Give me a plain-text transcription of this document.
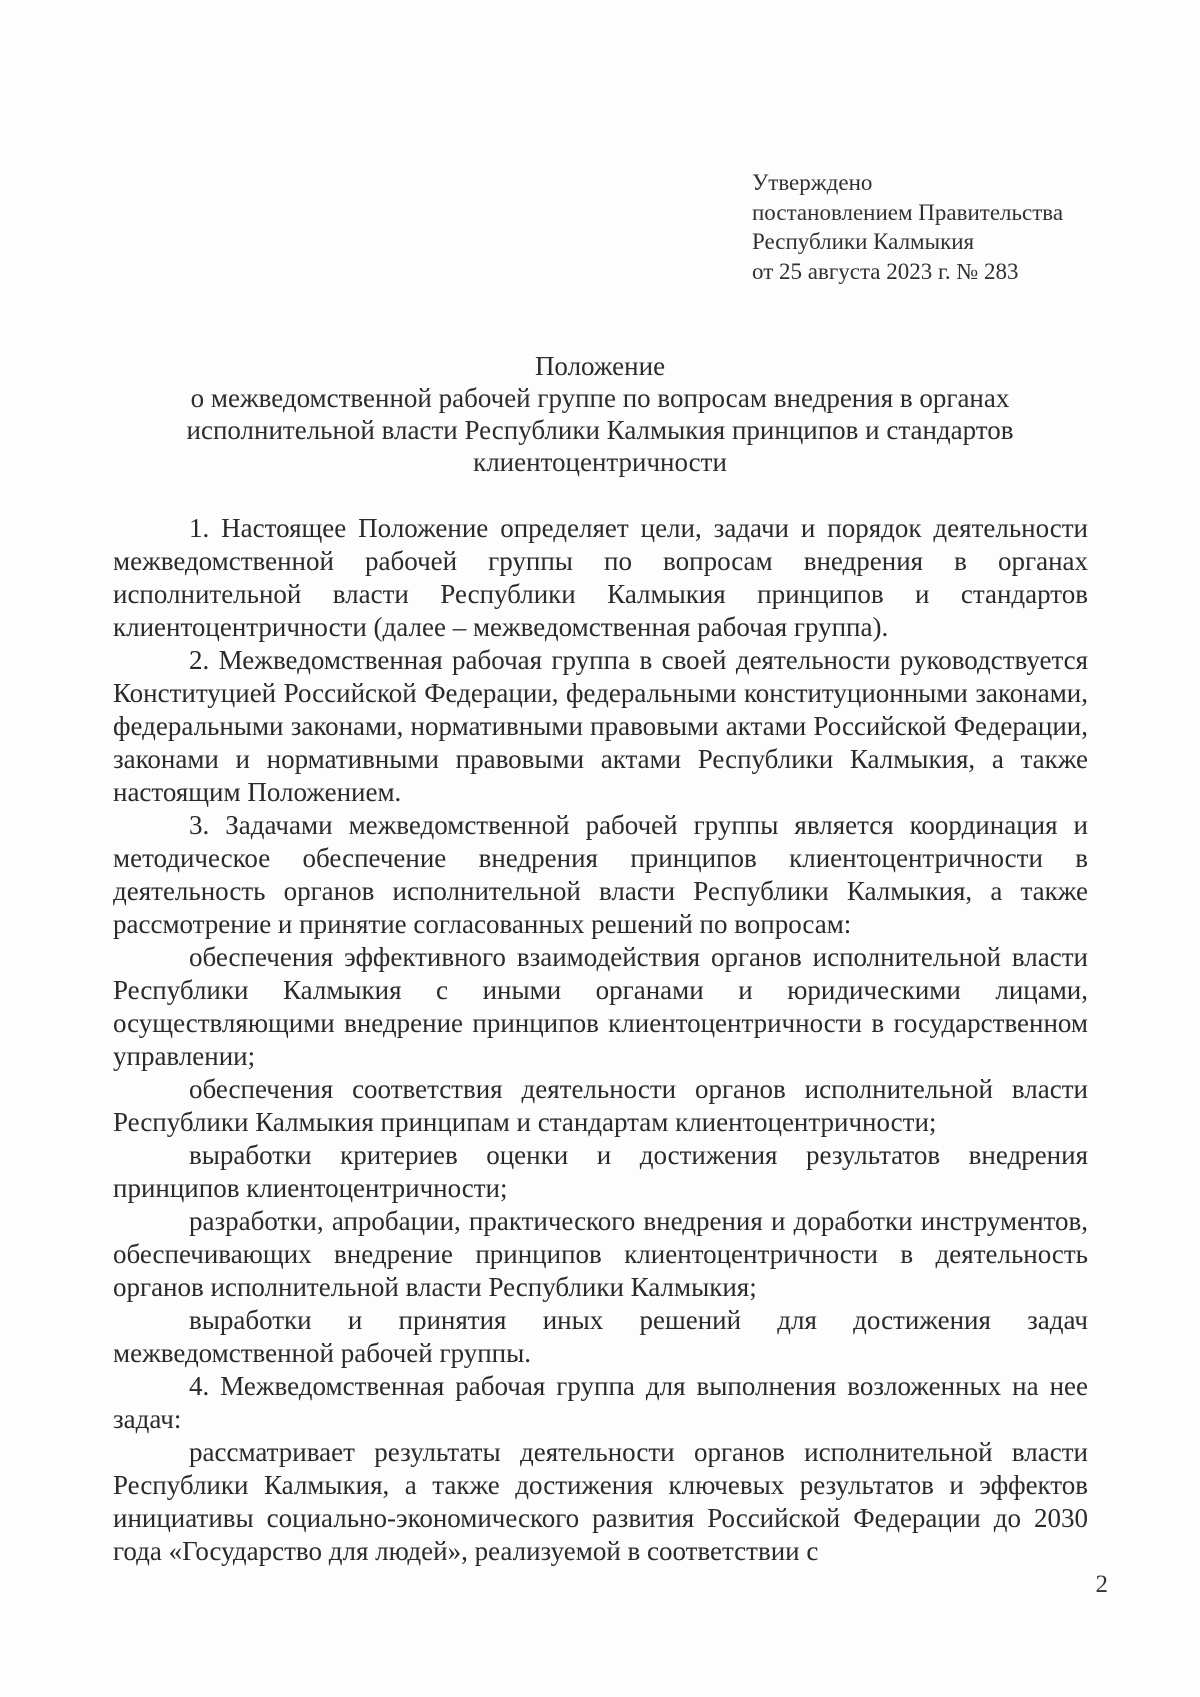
Утверждено
постановлением Правительства
Республики Калмыкия
от 25 августа 2023 г. № 283
Положение
о межведомственной рабочей группе по вопросам внедрения в органах
исполнительной власти Республики Калмыкия принципов и стандартов
клиентоцентричности

1. Настоящее Положение определяет цели, задачи и порядок деятельности межведомственной рабочей группы по вопросам внедрения в органах исполнительной власти Республики Калмыкия принципов и стандартов клиентоцентричности (далее – межведомственная рабочая группа).

2. Межведомственная рабочая группа в своей деятельности руководствуется Конституцией Российской Федерации, федеральными конституционными законами, федеральными законами, нормативными правовыми актами Российской Федерации, законами и нормативными правовыми актами Республики Калмыкия, а также настоящим Положением.

3. Задачами межведомственной рабочей группы является координация и методическое обеспечение внедрения принципов клиентоцентричности в деятельность органов исполнительной власти Республики Калмыкия, а также рассмотрение и принятие согласованных решений по вопросам:

обеспечения эффективного взаимодействия органов исполнительной власти Республики Калмыкия с иными органами и юридическими лицами, осуществляющими внедрение принципов клиентоцентричности в государственном управлении;

обеспечения соответствия деятельности органов исполнительной власти Республики Калмыкия принципам и стандартам клиентоцентричности;

выработки критериев оценки и достижения результатов внедрения принципов клиентоцентричности;

разработки, апробации, практического внедрения и доработки инструментов, обеспечивающих внедрение принципов клиентоцентричности в деятельность органов исполнительной власти Республики Калмыкия;

выработки и принятия иных решений для достижения задач межведомственной рабочей группы.

4. Межведомственная рабочая группа для выполнения возложенных на нее задач:

рассматривает результаты деятельности органов исполнительной власти Республики Калмыкия, а также достижения ключевых результатов и эффектов инициативы социально-экономического развития Российской Федерации до 2030 года «Государство для людей», реализуемой в соответствии с

2
